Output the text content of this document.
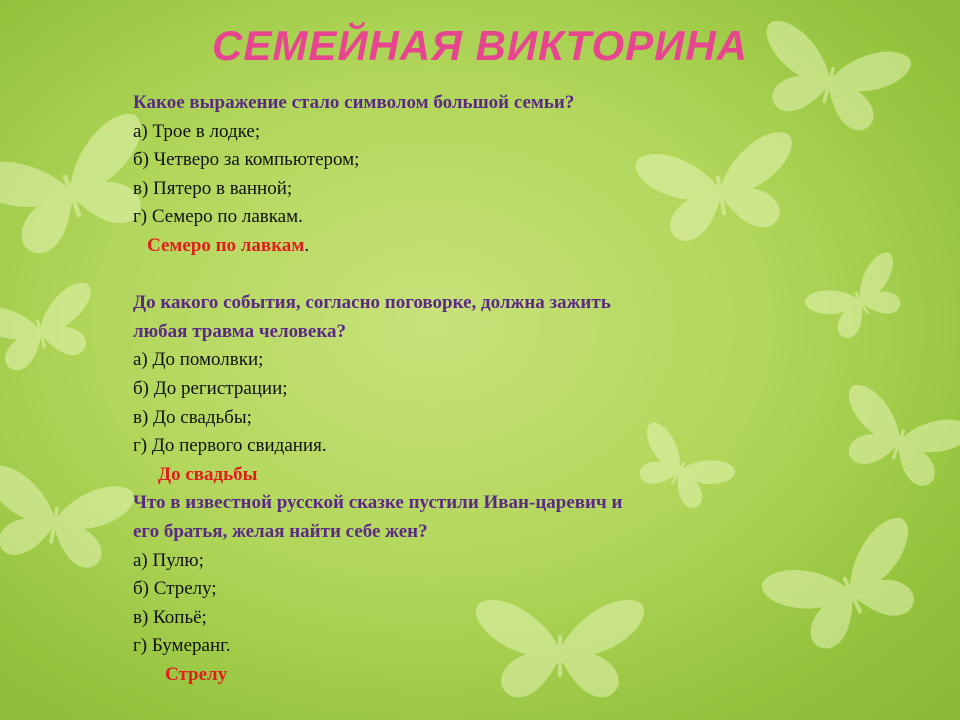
СЕМЕЙНАЯ ВИКТОРИНА
Какое выражение стало символом большой семьи?
а) Трое в лодке;
б) Четверо за компьютером;
в) Пятеро в ванной;
г) Семеро по лавкам.
Семеро по лавкам.
До какого события, согласно поговорке, должна зажить
любая травма человека?
а) До помолвки;
б) До регистрации;
в) До свадьбы;
г) До первого свидания.
До свадьбы
Что в известной русской сказке пустили Иван-царевич и
его братья, желая найти себе жен?
а) Пулю;
б) Стрелу;
в) Копьё;
г) Бумеранг.
Стрелу
